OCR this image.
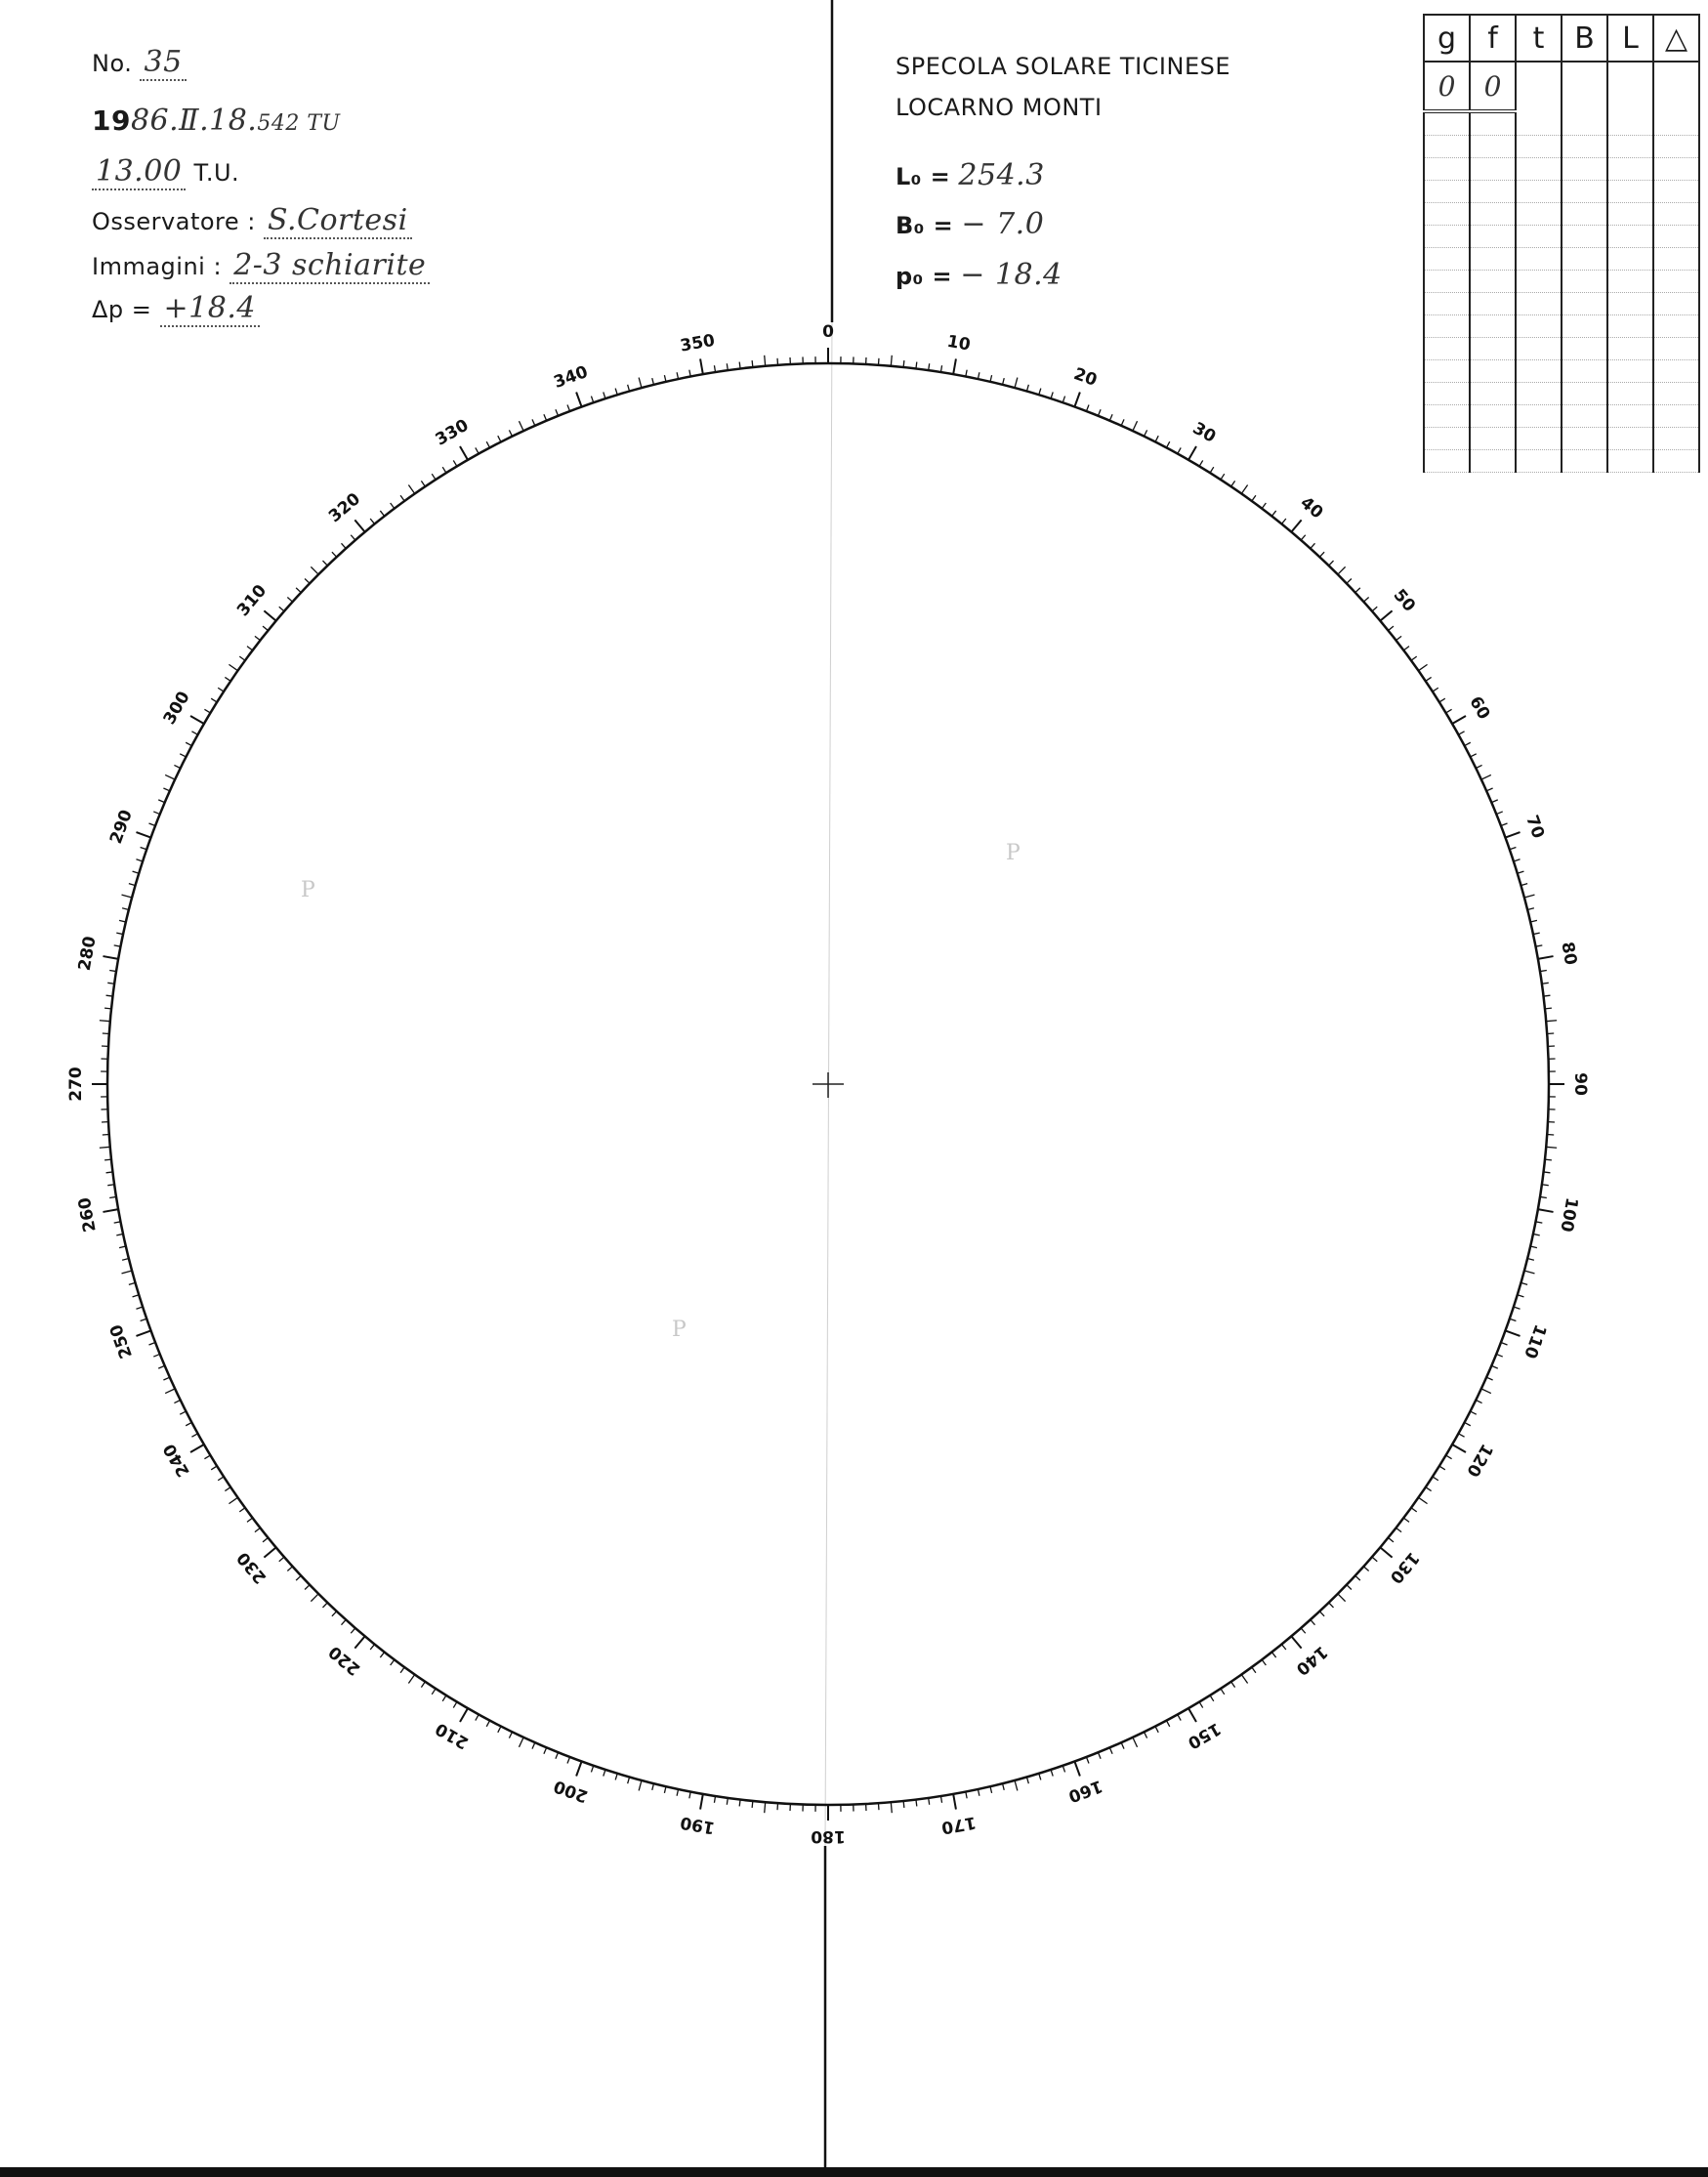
No. 35
1986.Ⅱ.18.542 TU
13.00 T.U.
Osservatore : S.Cortesi
Immagini : 2-3 schiarite
Δp = +18.4
SPECOLA SOLARE TICINESE
LOCARNO MONTI
L₀ = 254.3
B₀ = − 7.0
p₀ = − 18.4
g	f	t	B	L	△
0	0				

0	10
20
30
40
50
60
70
80
90
100
110
120
130
140
150
160
170
180
190
200
210
220
230
240
250
260
270
280
290
300
310
320
330
340
350
P
P
P
